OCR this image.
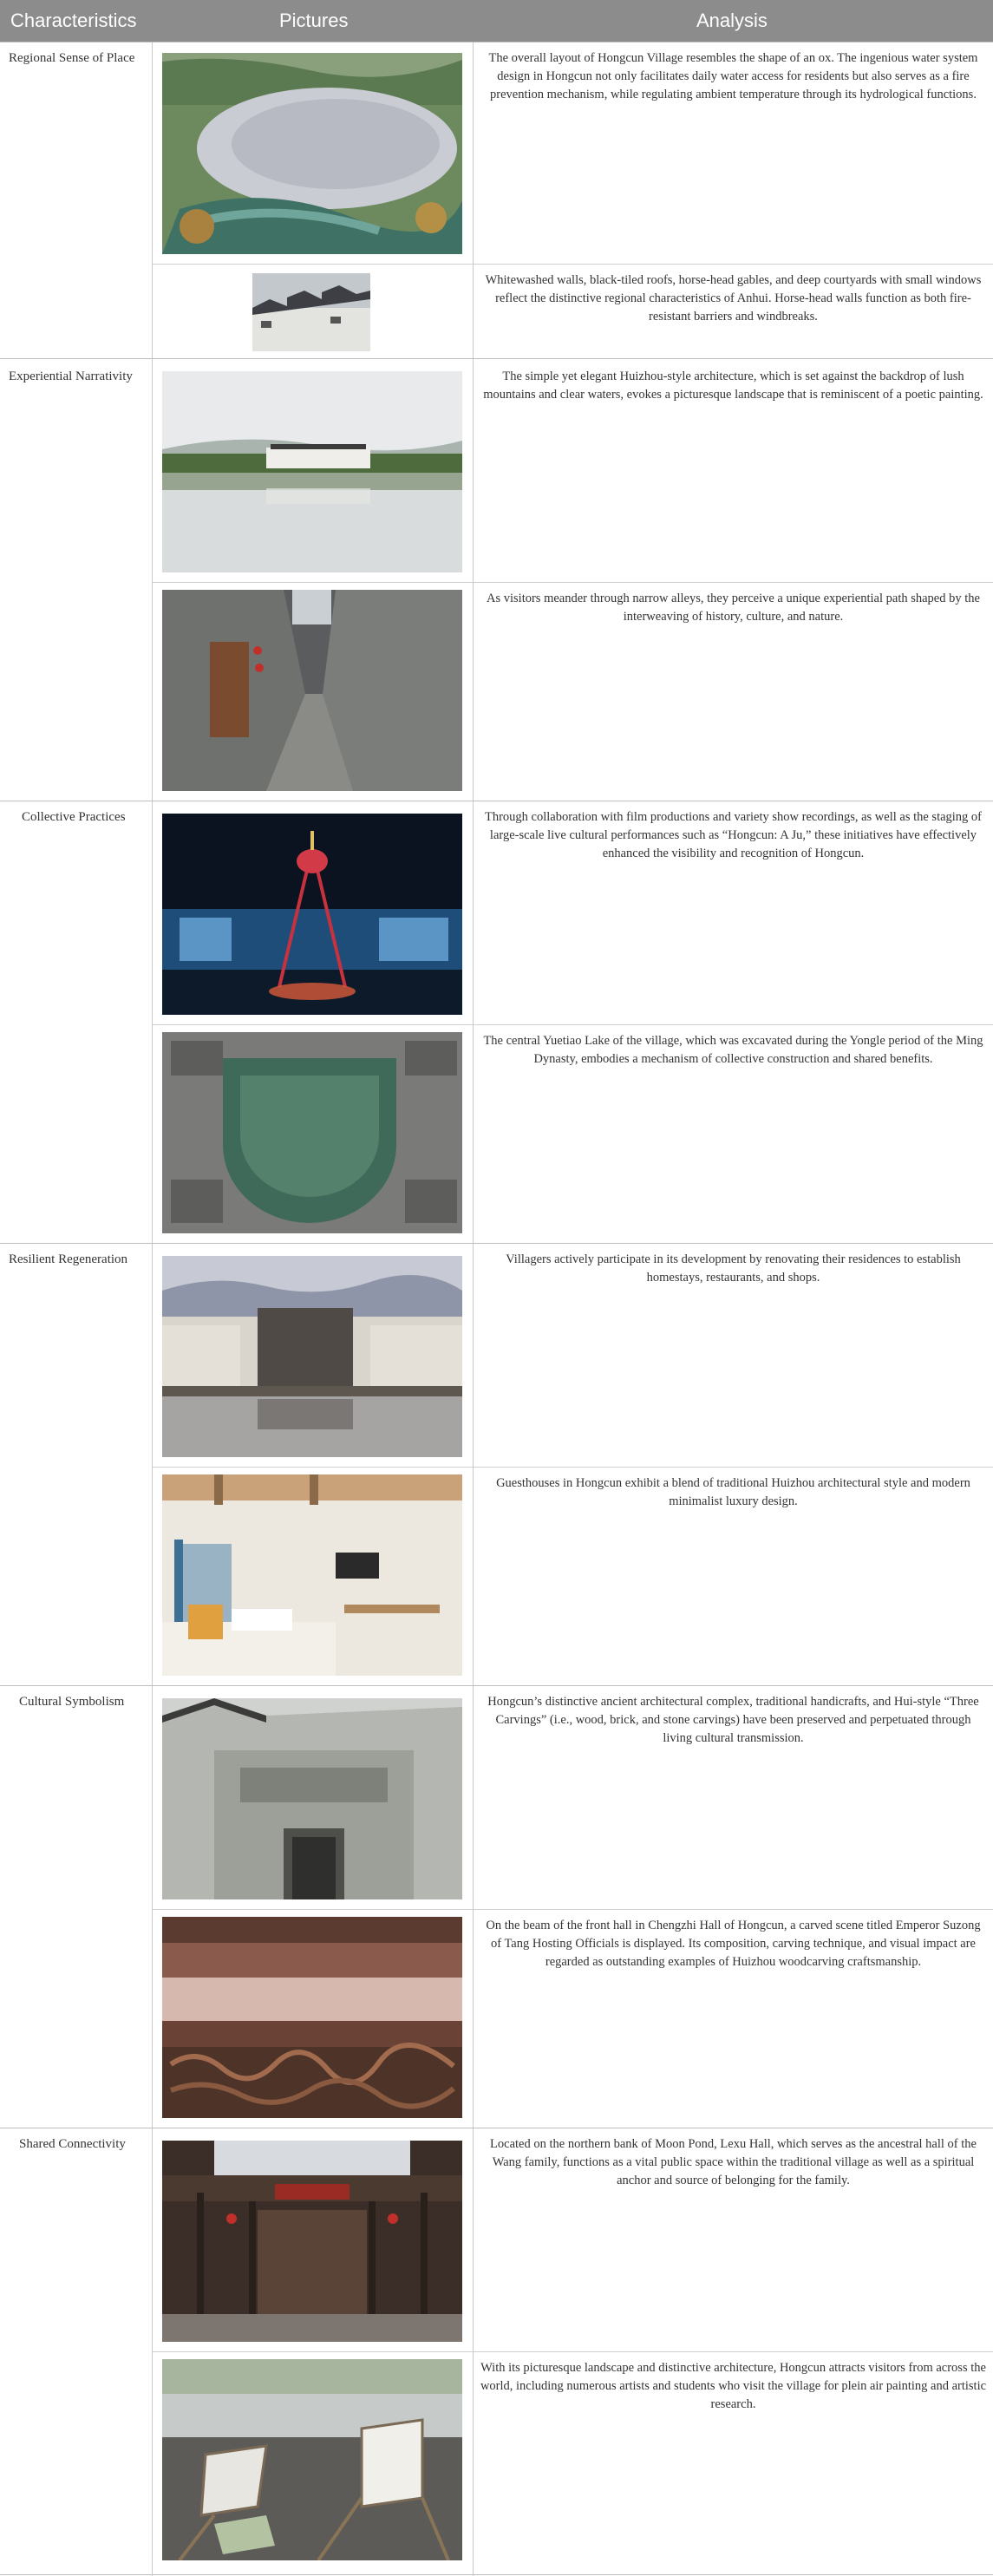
Characteristics	Pictures	Analysis
Regional Sense of Place	The overall layout of Hongcun Village resembles the shape of an ox. The ingenious water system design in Hongcun not only facilitates daily water access for residents but also serves as a fire prevention mechanism, while regulating ambient temperature through its hydrological functions.
Whitewashed walls, black-tiled roofs, horse-head gables, and deep courtyards with small windows reflect the distinctive regional characteristics of Anhui. Horse-head walls function as both fire-resistant barriers and windbreaks.
Experiential Narrativity	The simple yet elegant Huizhou-style architecture, which is set against the backdrop of lush mountains and clear waters, evokes a picturesque landscape that is reminiscent of a poetic painting.
As visitors meander through narrow alleys, they perceive a unique experiential path shaped by the interweaving of history, culture, and nature.
Collective Practices	Through collaboration with film productions and variety show recordings, as well as the staging of large-scale live cultural performances such as “Hongcun: A Ju,” these initiatives have effectively enhanced the visibility and recognition of Hongcun.
The central Yuetiao Lake of the village, which was excavated during the Yongle period of the Ming Dynasty, embodies a mechanism of collective construction and shared benefits.
Resilient Regeneration	Villagers actively participate in its development by renovating their residences to establish homestays, restaurants, and shops.
Guesthouses in Hongcun exhibit a blend of traditional Huizhou architectural style and modern minimalist luxury design.
Cultural Symbolism	Hongcun’s distinctive ancient architectural complex, traditional handicrafts, and Hui-style “Three Carvings” (i.e., wood, brick, and stone carvings) have been preserved and perpetuated through living cultural transmission.
On the beam of the front hall in Chengzhi Hall of Hongcun, a carved scene titled Emperor Suzong of Tang Hosting Officials is displayed. Its composition, carving technique, and visual impact are regarded as outstanding examples of Huizhou woodcarving craftsmanship.
Shared Connectivity	Located on the northern bank of Moon Pond, Lexu Hall, which serves as the ancestral hall of the Wang family, functions as a vital public space within the traditional village as well as a spiritual anchor and source of belonging for the family.
With its picturesque landscape and distinctive architecture, Hongcun attracts visitors from across the world, including numerous artists and students who visit the village for plein air painting and artistic research.
